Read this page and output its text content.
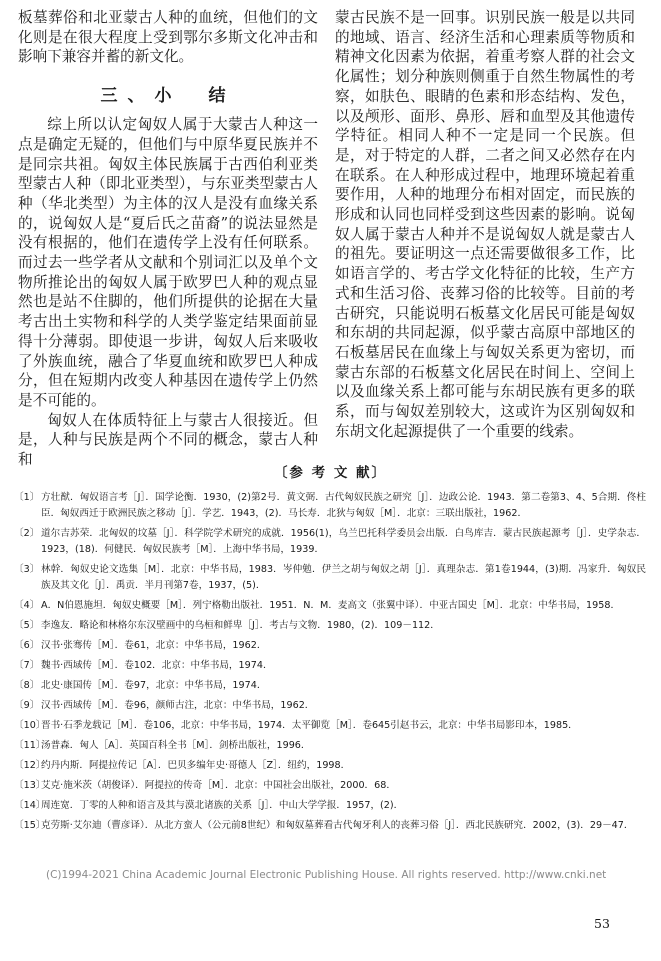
板墓葬俗和北亚蒙古人种的血统，但他们的文化则是在很大程度上受到鄂尔多斯文化冲击和影响下兼容并蓄的新文化。

三、小　结

综上所以认定匈奴人属于大蒙古人种这一点是确定无疑的，但他们与中原华夏民族并不是同宗共祖。匈奴主体民族属于古西伯利亚类型蒙古人种（即北亚类型），与东亚类型蒙古人种（华北类型）为主体的汉人是没有血缘关系的，说匈奴人是“夏后氏之苗裔”的说法显然是没有根据的，他们在遗传学上没有任何联系。而过去一些学者从文献和个别词汇以及单个文物所推论出的匈奴人属于欧罗巴人种的观点显然也是站不住脚的，他们所提供的论据在大量考古出土实物和科学的人类学鉴定结果面前显得十分薄弱。即使退一步讲，匈奴人后来吸收了外族血统，融合了华夏血统和欧罗巴人种成分，但在短期内改变人种基因在遗传学上仍然是不可能的。

匈奴人在体质特征上与蒙古人很接近。但是，人种与民族是两个不同的概念，蒙古人种和

蒙古民族不是一回事。识别民族一般是以共同的地域、语言、经济生活和心理素质等物质和精神文化因素为依据，着重考察人群的社会文化属性；划分种族则侧重于自然生物属性的考察，如肤色、眼睛的色素和形态结构、发色，以及颅形、面形、鼻形、唇和血型及其他遗传学特征。相同人种不一定是同一个民族。但是，对于特定的人群，二者之间又必然存在内在联系。在人种形成过程中，地理环境起着重要作用，人种的地理分布相对固定，而民族的形成和认同也同样受到这些因素的影响。说匈奴人属于蒙古人种并不是说匈奴人就是蒙古人的祖先。要证明这一点还需要做很多工作，比如语言学的、考古学文化特征的比较，生产方式和生活习俗、丧葬习俗的比较等。目前的考古研究，只能说明石板墓文化居民可能是匈奴和东胡的共同起源，似乎蒙古高原中部地区的石板墓居民在血缘上与匈奴关系更为密切，而蒙古东部的石板墓文化居民在时间上、空间上以及血缘关系上都可能与东胡民族有更多的联系，而与匈奴差别较大，这或许为区别匈奴和东胡文化起源提供了一个重要的线索。

〔参 考 文 献〕
〔1〕 方壮猷．匈奴语言考［J］．国学论衡．1930，(2)第2号．黄文弼．古代匈奴民族之研究［J］．边政公论．1943．第二卷第3、4、5合期．佟柱臣．匈奴西迁于欧洲民族之移动［J］．学艺．1943，(2)．马长寿．北狄与匈奴［M］．北京：三联出版社，1962．
〔2〕 道尔吉苏荣．北匈奴的坟墓［J］．科学院学术研究的成就．1956(1)，乌兰巴托科学委员会出版．白鸟库吉．蒙古民族起源考［J］．史学杂志．1923，(18)．何健民．匈奴民族考［M］．上海中华书局，1939．
〔3〕 林幹．匈奴史论文选集［M］．北京：中华书局，1983．岑仲勉．伊兰之胡与匈奴之胡［J］．真理杂志．第1卷1944，(3)期．冯家升．匈奴民族及其文化［J］．禹贡．半月刊第7卷，1937，(5)．
〔4〕 A．N伯恩施坦．匈奴史概要［M］．列宁格勒出版社．1951．N．M．麦高文（张翼中译）．中亚古国史［M］．北京：中华书局，1958．
〔5〕 李逸友．略论和林格尔东汉壁画中的乌桓和鲜卑［J］．考古与文物．1980，(2)．109－112．
〔6〕 汉书·张骞传［M］．卷61，北京：中华书局，1962．
〔7〕 魏书·西域传［M］．卷102．北京：中华书局，1974．
〔8〕 北史·康国传［M］．卷97，北京：中华书局，1974．
〔9〕 汉书·西域传［M］．卷96，颜师古注，北京：中华书局，1962．
〔10〕
晋书·石季龙载记［M］．卷106，北京：中华书局，1974．太平御览［M］．卷645引赵书云，北京：中华书局影印本，1985．
〔11〕
汤普森．匈人［A］．英国百科全书［M］．剑桥出版社，1996．
〔12〕
约丹内斯．阿提拉传记［A］．巴贝多编年史·哥德人［Z］．纽约，1998．
〔13〕
艾克·施米茨（胡俊译）．阿提拉的传奇［M］．北京：中国社会出版社，2000．68．
〔14〕
周连宽．丁零的人种和语言及其与漠北诸族的关系［J］．中山大学学报．1957，(2)．
〔15〕
克劳斯·艾尔迪（曹彦译）．从北方蛮人（公元前8世纪）和匈奴墓葬看古代匈牙利人的丧葬习俗［J］．西北民族研究．2002，(3)．29－47．
(C)1994-2021 China Academic Journal Electronic Publishing House. All rights reserved. http://www.cnki.net
53
